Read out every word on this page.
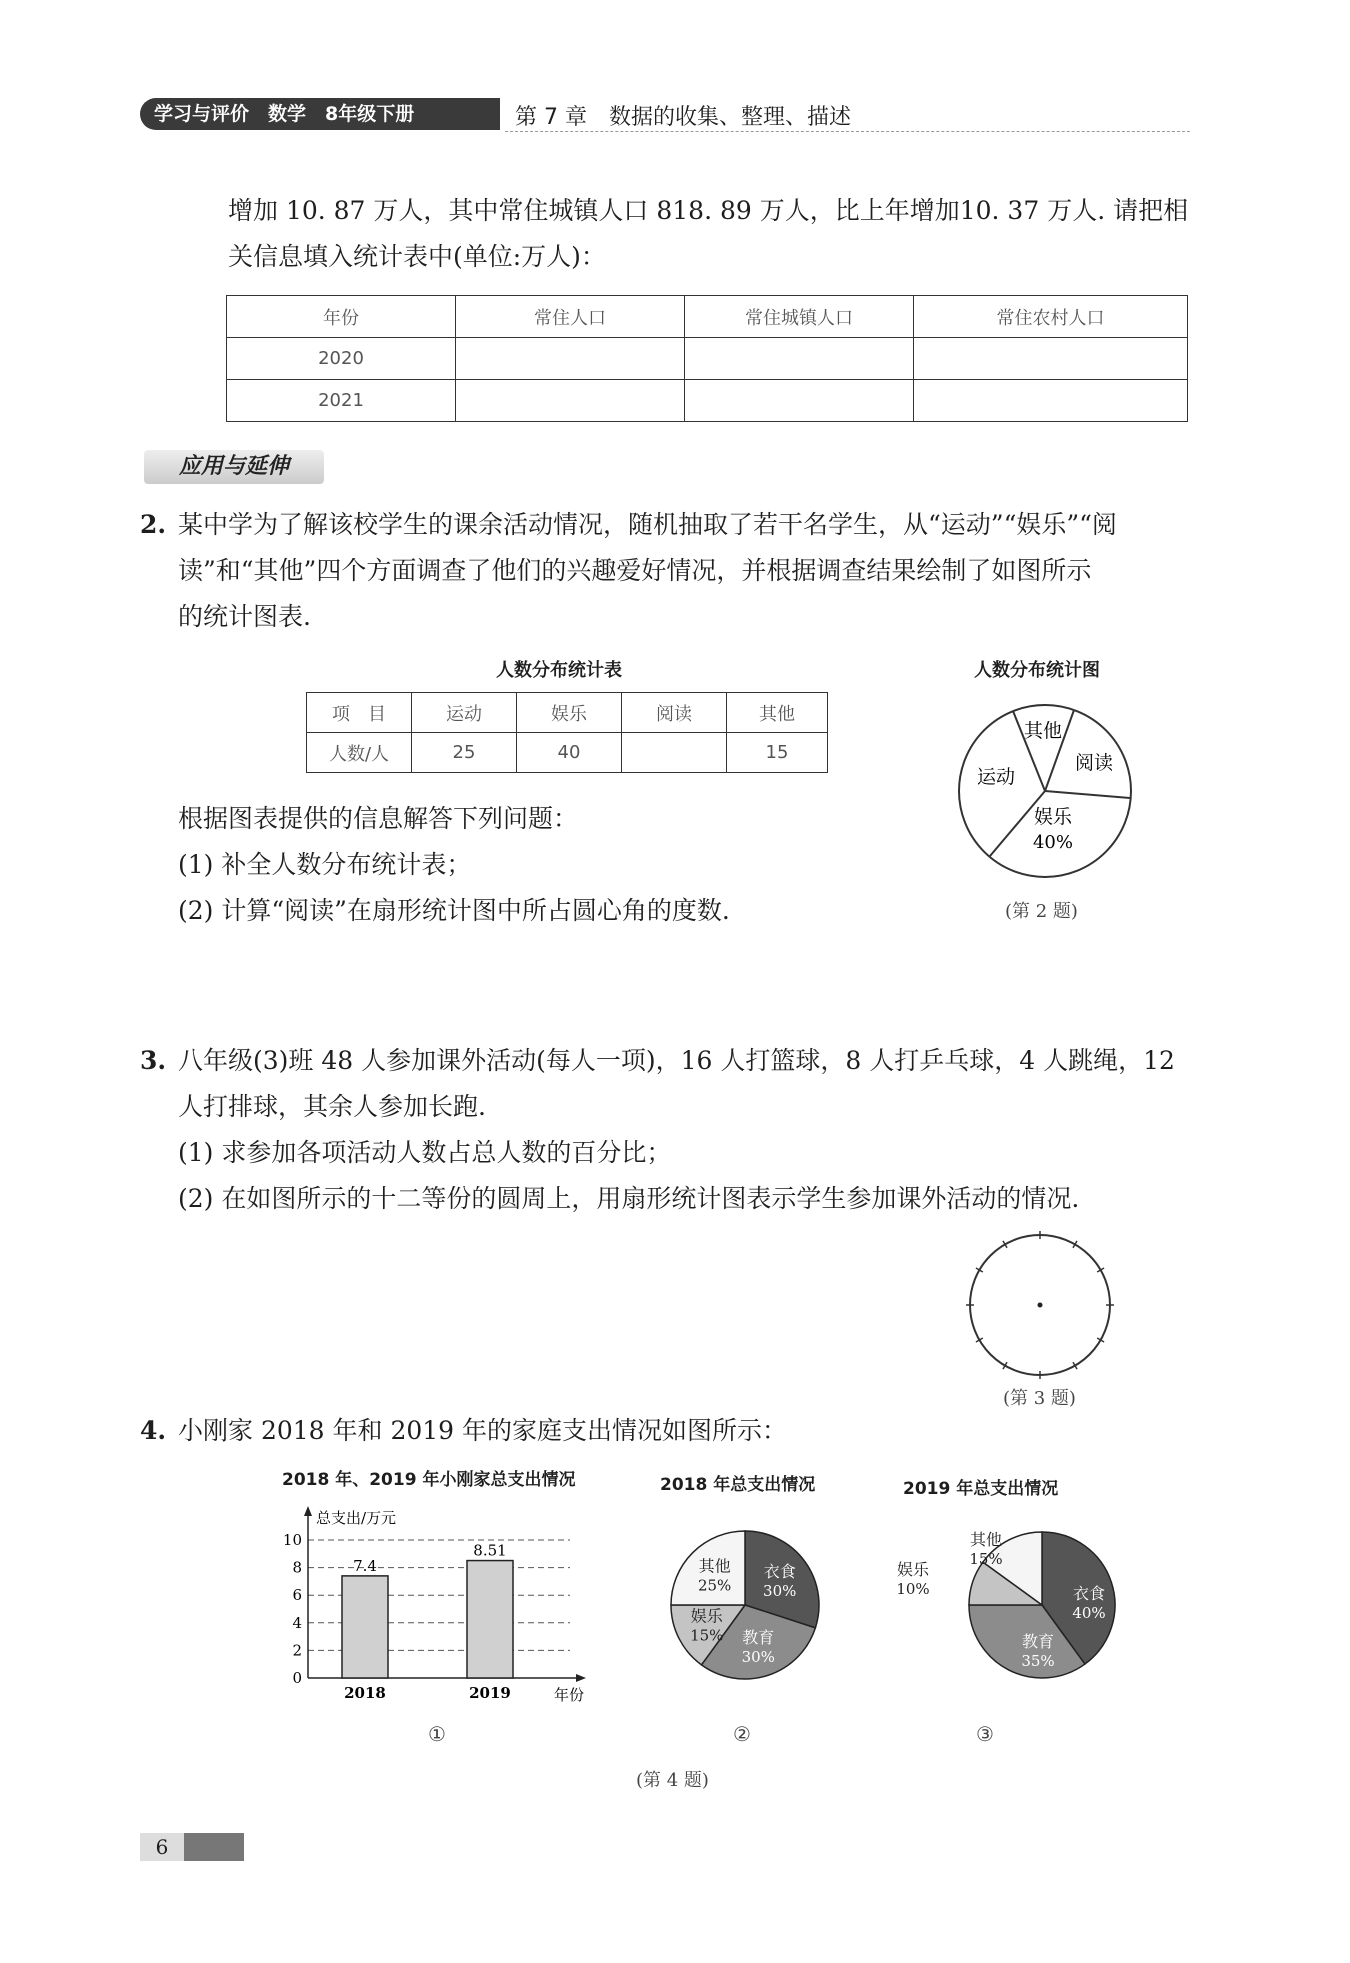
学习与评价　数学　8年级下册	第 7 章　数据的收集、整理、描述
增加 10. 87 万人，其中常住城镇人口 818. 89 万人，比上年增加10. 37 万人. 请把相
关信息填入统计表中(单位:万人)：
年份	常住人口	常住城镇人口	常住农村人口
2020			
2021			
应用与延伸
2. 某中学为了解该校学生的课余活动情况，随机抽取了若干名学生，从“运动”“娱乐”“阅
读”和“其他”四个方面调查了他们的兴趣爱好情况，并根据调查结果绘制了如图所示
的统计图表.
人数分布统计表
项　目	运动	娱乐	阅读	其他
人数/人	25	40		15
人数分布统计图
其他
阅读
运动
娱乐
40%
(第 2 题)
根据图表提供的信息解答下列问题：
(1) 补全人数分布统计表；
(2) 计算“阅读”在扇形统计图中所占圆心角的度数.
3. 八年级(3)班 48 人参加课外活动(每人一项)，16 人打篮球，8 人打乒乓球，4 人跳绳，12
人打排球，其余人参加长跑.
(1) 求参加各项活动人数占总人数的百分比；
(2) 在如图所示的十二等份的圆周上，用扇形统计图表示学生参加课外活动的情况.
(第 3 题)
4. 小刚家 2018 年和 2019 年的家庭支出情况如图所示：
2018 年、2019 年小刚家总支出情况
总支出/万元
年份
0
2
4
6
8
10
7.4
2018
8.51
2019
①
2018 年总支出情况
衣食
30%
教育
30%
娱乐
15%
其他
25%
②
2019 年总支出情况
衣食
40%
教育
35%
娱乐
10%
其他
15%
③
(第 4 题)
6
